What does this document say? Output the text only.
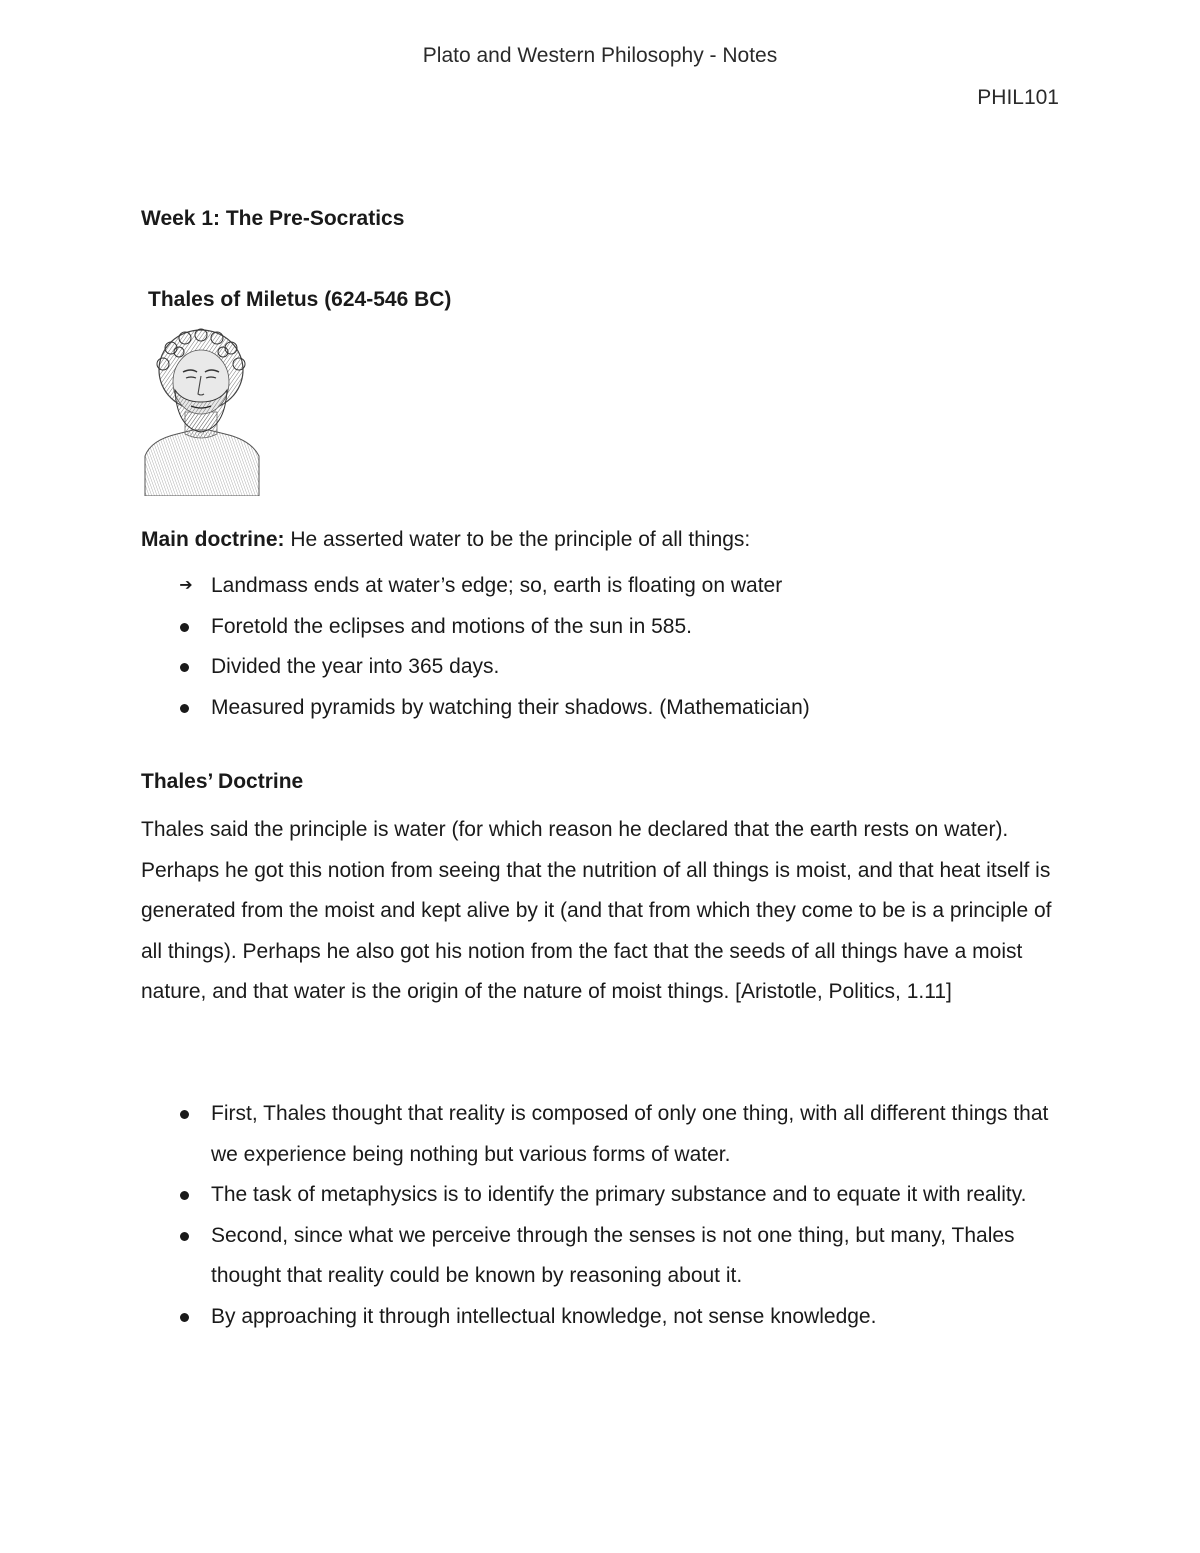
Plato and Western Philosophy - Notes
PHIL101
Week 1: The Pre-Socratics
Thales of Miletus (624-546 BC)
Main doctrine: He asserted water to be the principle of all things:
➔ Landmass ends at water’s edge; so, earth is floating on water
Foretold the eclipses and motions of the sun in 585.
Divided the year into 365 days.
Measured pyramids by watching their shadows. (Mathematician)
Thales’ Doctrine
Thales said the principle is water (for which reason he declared that the earth rests on water). Perhaps he got this notion from seeing that the nutrition of all things is moist, and that heat itself is generated from the moist and kept alive by it (and that from which they come to be is a principle of all things). Perhaps he also got his notion from the fact that the seeds of all things have a moist nature, and that water is the origin of the nature of moist things. [Aristotle, Politics, 1.11]
First, Thales thought that reality is composed of only one thing, with all different things that we experience being nothing but various forms of water.
The task of metaphysics is to identify the primary substance and to equate it with reality.
Second, since what we perceive through the senses is not one thing, but many, Thales thought that reality could be known by reasoning about it.
By approaching it through intellectual knowledge, not sense knowledge.
